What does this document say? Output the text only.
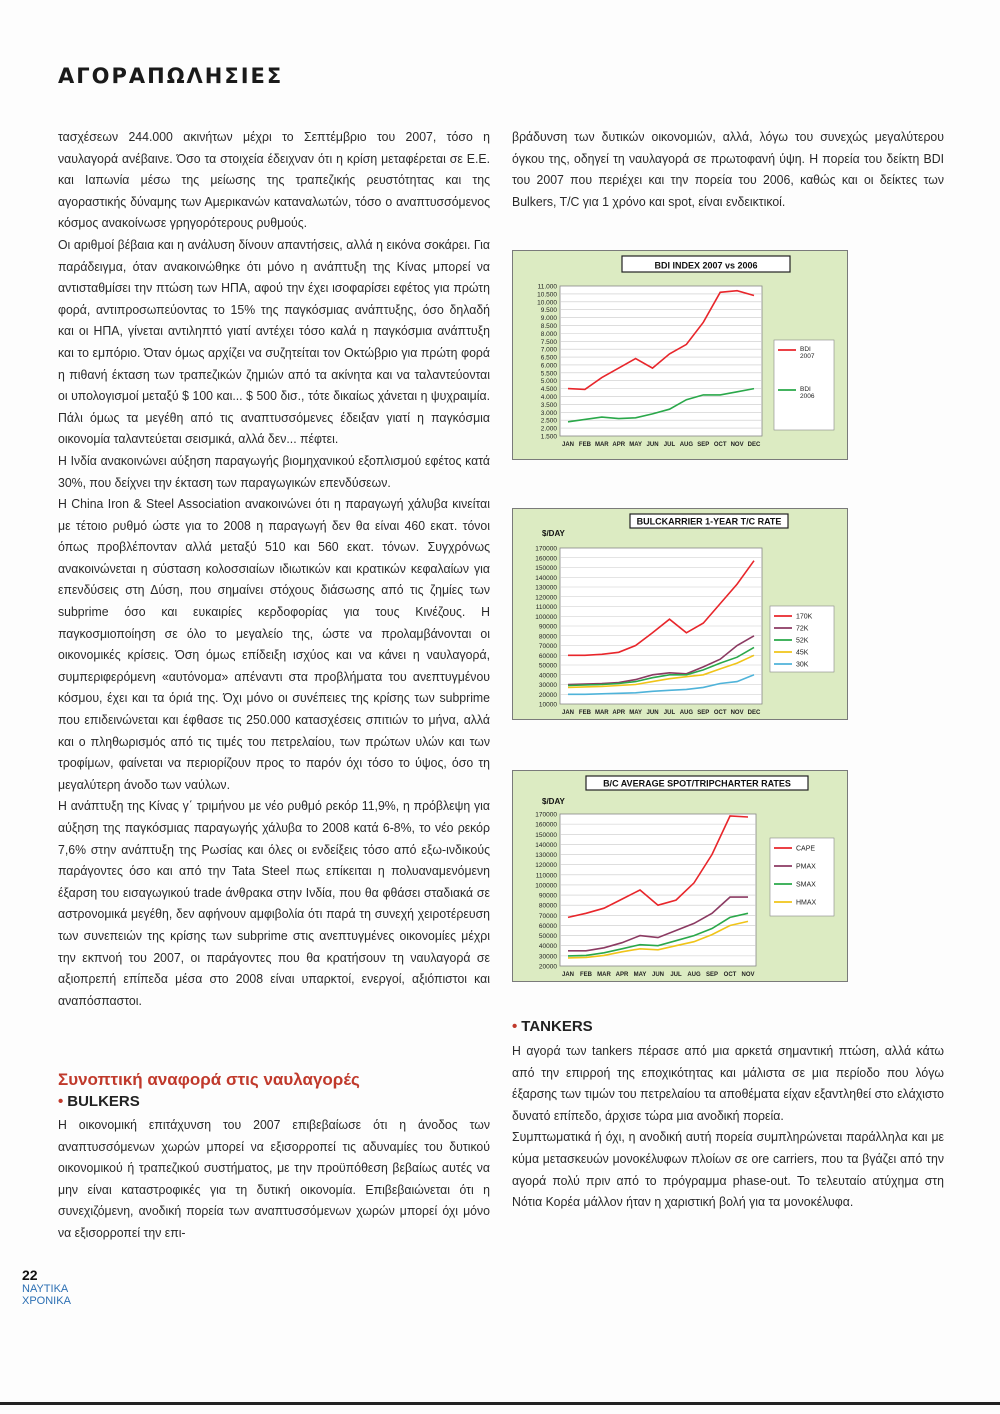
ΑΓΟΡΑΠΩΛΗΣΙΕΣ

τασχέσεων 244.000 ακινήτων μέχρι το Σεπτέμβριο του 2007, τόσο η ναυλαγορά ανέβαινε. Όσο τα στοιχεία έδειχναν ότι η κρίση μεταφέρεται σε Ε.Ε. και Ιαπωνία μέσω της μείωσης της τραπεζικής ρευστότητας και της αγοραστικής δύναμης των Αμερικανών καταναλωτών, τόσο ο αναπτυσσόμενος κόσμος ανακοίνωσε γρηγορότερους ρυθμούς.

Οι αριθμοί βέβαια και η ανάλυση δίνουν απαντήσεις, αλλά η εικόνα σοκάρει. Για παράδειγμα, όταν ανακοινώθηκε ότι μόνο η ανάπτυξη της Κίνας μπορεί να αντισταθμίσει την πτώση των ΗΠΑ, αφού την έχει ισοφαρίσει εφέτος για πρώτη φορά, αντιπροσωπεύοντας το 15% της παγκόσμιας ανάπτυξης, όσο δηλαδή και οι ΗΠΑ, γίνεται αντιληπτό γιατί αντέχει τόσο καλά η παγκόσμια ανάπτυξη και το εμπόριο. Όταν όμως αρχίζει να συζητείται τον Οκτώβριο για πρώτη φορά η πιθανή έκταση των τραπεζικών ζημιών από τα ακίνητα και να ταλαντεύονται οι υπολογισμοί μεταξύ $ 100 και... $ 500 δισ., τότε δικαίως χάνεται η ψυχραιμία. Πάλι όμως τα μεγέθη από τις αναπτυσσόμενες έδειξαν γιατί η παγκόσμια οικονομία ταλαντεύεται σεισμικά, αλλά δεν... πέφτει.

Η Ινδία ανακοινώνει αύξηση παραγωγής βιομηχανικού εξοπλισμού εφέτος κατά 30%, που δείχνει την έκταση των παραγωγικών επενδύσεων.

Η China Iron & Steel Association ανακοινώνει ότι η παραγωγή χάλυβα κινείται με τέτοιο ρυθμό ώστε για το 2008 η παραγωγή δεν θα είναι 460 εκατ. τόνοι όπως προβλέπονταν αλλά μεταξύ 510 και 560 εκατ. τόνων. Συγχρόνως ανακοινώνεται η σύσταση κολοσσιαίων ιδιωτικών και κρατικών κεφαλαίων για επενδύσεις στη Δύση, που σημαίνει στόχους διάσωσης από τις ζημίες των subprime όσο και ευκαιρίες κερδοφορίας για τους Κινέζους. Η παγκοσμιοποίηση σε όλο το μεγαλείο της, ώστε να προλαμβάνονται οι οικονομικές κρίσεις. Όση όμως επίδειξη ισχύος και να κάνει η ναυλαγορά, συμπεριφερόμενη «αυτόνομα» απέναντι στα προβλήματα του ανεπτυγμένου κόσμου, έχει και τα όριά της. Όχι μόνο οι συνέπειες της κρίσης των subprime που επιδεινώνεται και έφθασε τις 250.000 κατασχέσεις σπιτιών το μήνα, αλλά και ο πληθωρισμός από τις τιμές του πετρελαίου, των πρώτων υλών και των τροφίμων, φαίνεται να περιορίζουν προς το παρόν όχι τόσο το ύψος, όσο τη μεγαλύτερη άνοδο των ναύλων.

Η ανάπτυξη της Κίνας γ΄ τριμήνου με νέο ρυθμό ρεκόρ 11,9%, η πρόβλεψη για αύξηση της παγκόσμιας παραγωγής χάλυβα το 2008 κατά 6-8%, το νέο ρεκόρ 7,6% στην ανάπτυξη της Ρωσίας και όλες οι ενδείξεις τόσο από εξω-ινδικούς παράγοντες όσο και από την Tata Steel πως επίκειται η πολυαναμενόμενη έξαρση του εισαγωγικού trade άνθρακα στην Ινδία, που θα φθάσει σταδιακά σε αστρονομικά μεγέθη, δεν αφήνουν αμφιβολία ότι παρά τη συνεχή χειροτέρευση των συνεπειών της κρίσης των subprime στις ανεπτυγμένες οικονομίες μέχρι την εκπνοή του 2007, οι παράγοντες που θα κρατήσουν τη ναυλαγορά σε αξιοπρεπή επίπεδα μέσα στο 2008 είναι υπαρκτοί, ενεργοί, αξιόπιστοι και αναπόσπαστοι.

Συνοπτική αναφορά στις ναυλαγορές
• BULKERS

Η οικονομική επιτάχυνση του 2007 επιβεβαίωσε ότι η άνοδος των αναπτυσσόμενων χωρών μπορεί να εξισορροπεί τις αδυναμίες του δυτικού οικονομικού ή τραπεζικού συστήματος, με την προϋπόθεση βεβαίως αυτές να μην είναι καταστροφικές για τη δυτική οικονομία. Επιβεβαιώνεται ότι η συνεχιζόμενη, ανοδική πορεία των αναπτυσσόμενων χωρών μπορεί όχι μόνο να εξισορροπεί την επι-

βράδυνση των δυτικών οικονομιών, αλλά, λόγω του συνεχώς μεγαλύτερου όγκου της, οδηγεί τη ναυλαγορά σε πρωτοφανή ύψη. Η πορεία του δείκτη BDI του 2007 που περιέχει και την πορεία του 2006, καθώς και οι δείκτες των Bulkers, T/C για 1 χρόνο και spot, είναι ενδεικτικοί.

BDI INDEX 2007 vs 2006
11.000
10.500
10.000
9.500
9.000
8.500
8.000
7.500
7.000
6.500
6.000
5.500
5.000
4.500
4.000
3.500
3.000
2.500
2.000
1.500
JAN FEB MAR APR MAY JUN JUL AUG SEP OCT NOV DEC
BDI
2007
BDI
2006
BULCKARRIER 1-YEAR T/C RATE
$/DAY
170000
160000
150000
140000
130000
120000
110000
100000
90000
80000
70000
60000
50000
40000
30000
20000
10000
JAN FEB MAR APR MAY JUN JUL AUG SEP OCT NOV DEC
170K
72K
52K
45K
30K
B/C AVERAGE SPOT/TRIPCHARTER RATES
$/DAY
170000
160000
150000
140000
130000
120000
110000
100000
90000
80000
70000
60000
50000
40000
30000
20000
JAN FEB MAR APR MAY JUN JUL AUG SEP OCT NOV
CAPE
PMAX
SMAX
HMAX
• TANKERS

Η αγορά των tankers πέρασε από μια αρκετά σημαντική πτώση, αλλά κάτω από την επιρροή της εποχικότητας και μάλιστα σε μια περίοδο που λόγω έξαρσης των τιμών του πετρελαίου τα αποθέματα είχαν εξαντληθεί στο ελάχιστο δυνατό επίπεδο, άρχισε τώρα μια ανοδική πορεία.

Συμπτωματικά ή όχι, η ανοδική αυτή πορεία συμπληρώνεται παράλληλα και με κύμα μετασκευών μονοκέλυφων πλοίων σε ore carriers, που τα βγάζει από την αγορά πολύ πριν από το πρόγραμμα phase-out. Το τελευταίο ατύχημα στη Νότια Κορέα μάλλον ήταν η χαριστική βολή για τα μονοκέλυφα.

22
ΝΑΥΤΙΚΑ
ΧΡΟΝΙΚΑ
